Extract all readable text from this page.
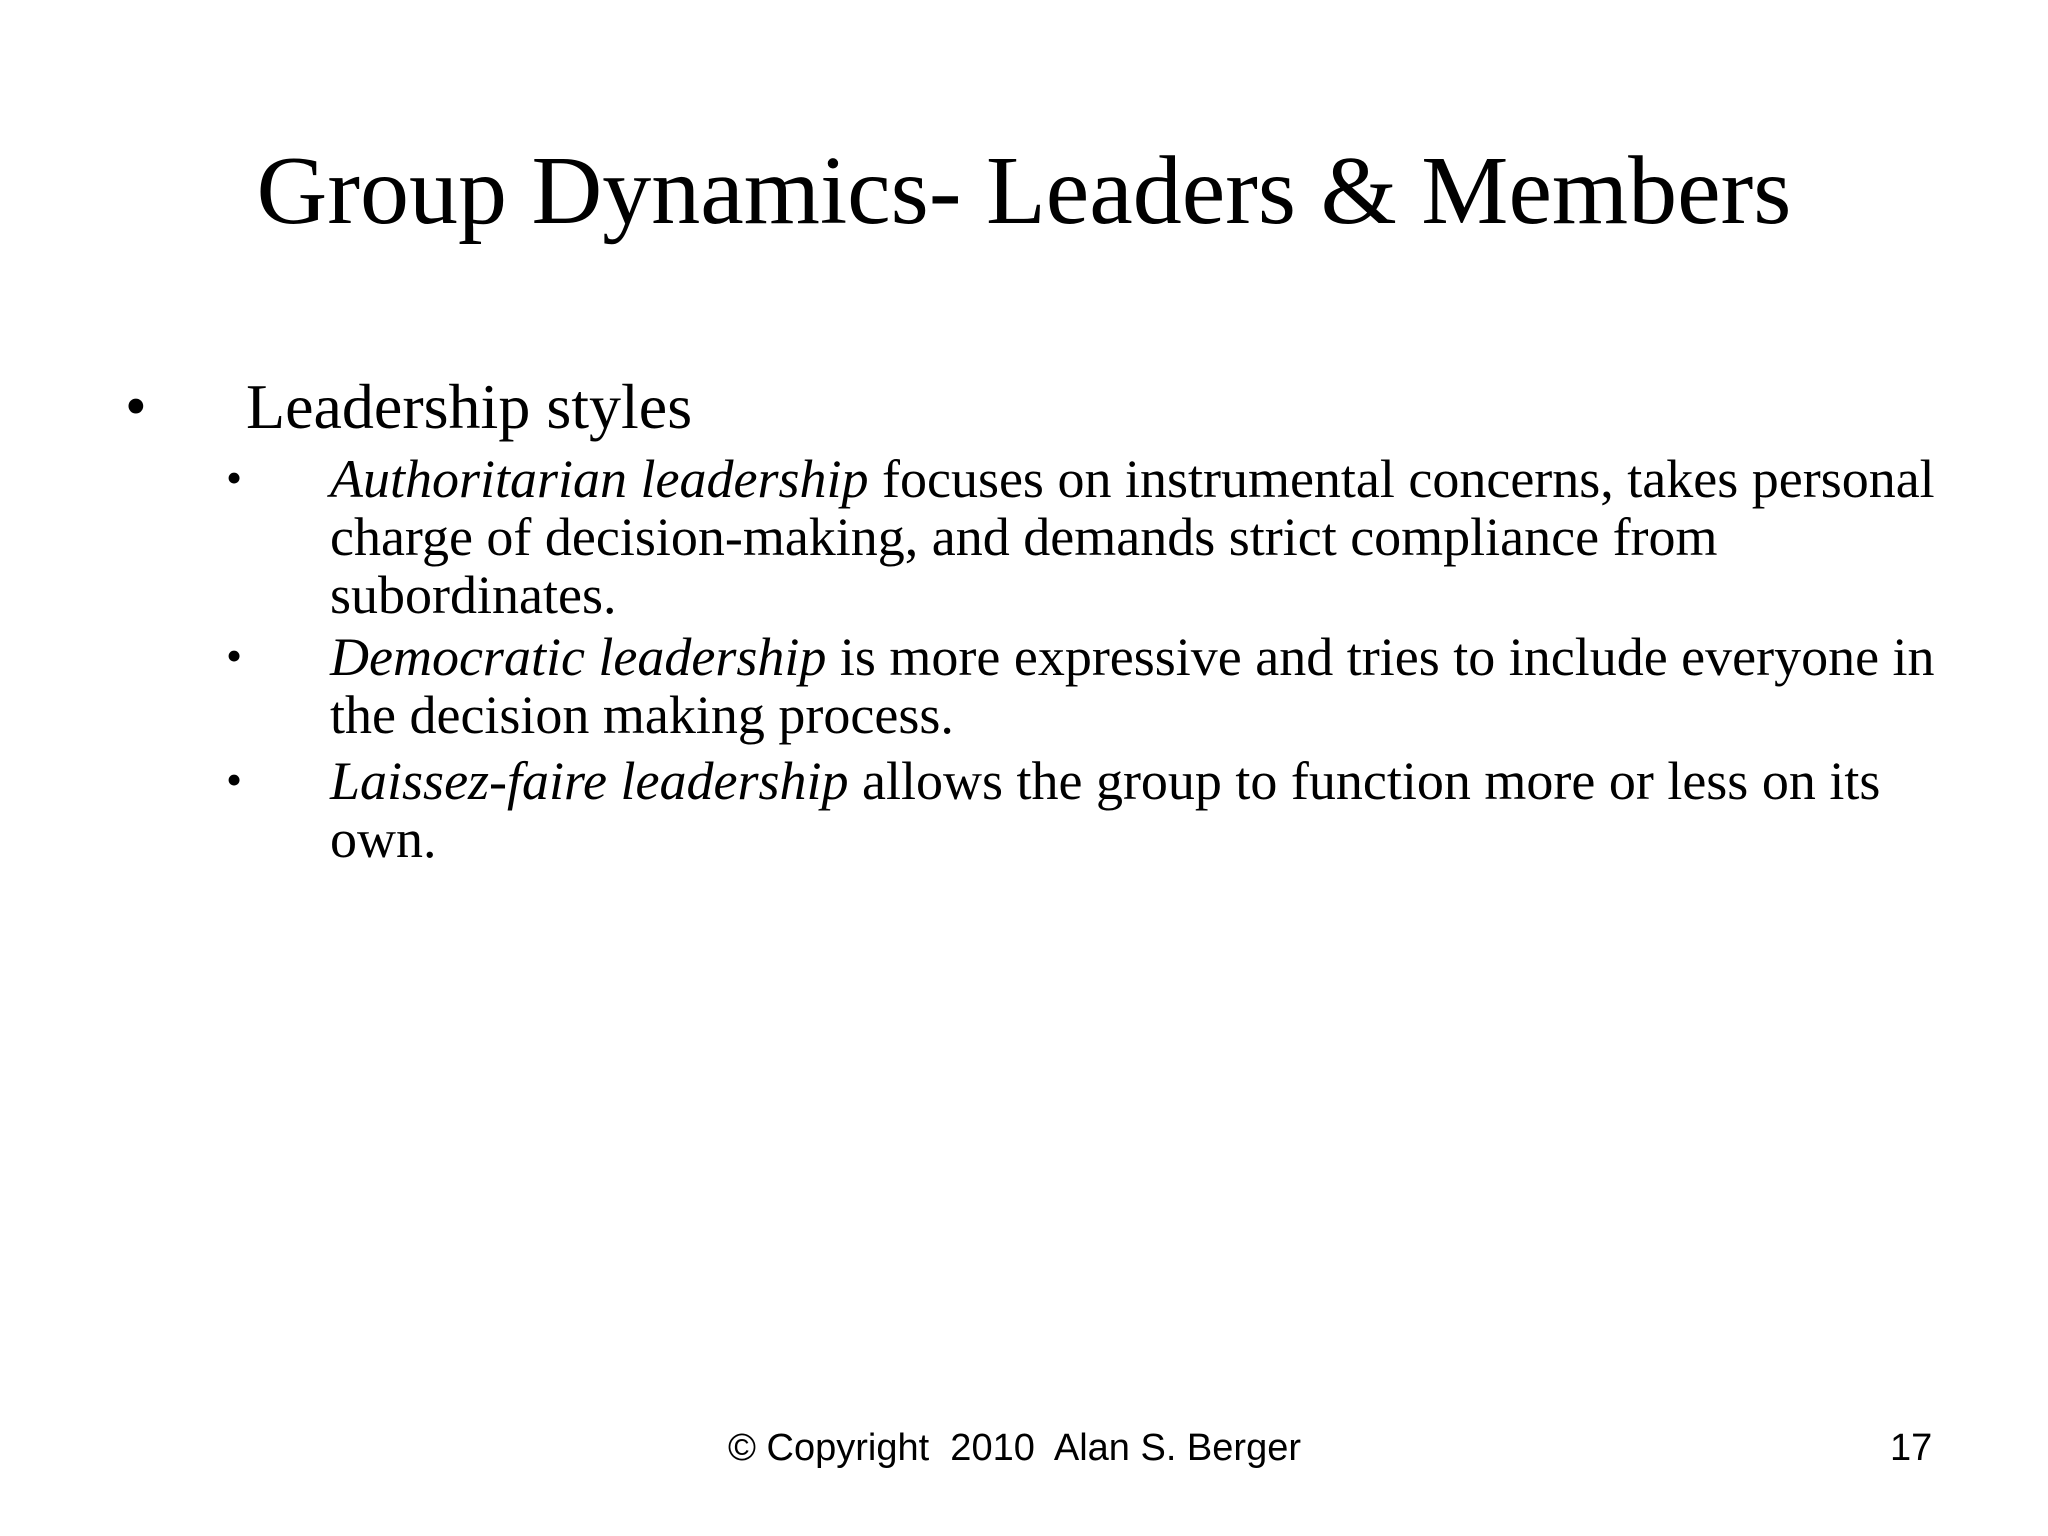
Group Dynamics- Leaders & Members
• Leadership styles
• Authoritarian leadership focuses on instrumental concerns, takes personal charge of decision-making, and demands strict compliance from subordinates.
• Democratic leadership is more expressive and tries to include everyone in the decision making process.
• Laissez-faire leadership allows the group to function more or less on its own.
© Copyright  2010  Alan S. Berger	17
